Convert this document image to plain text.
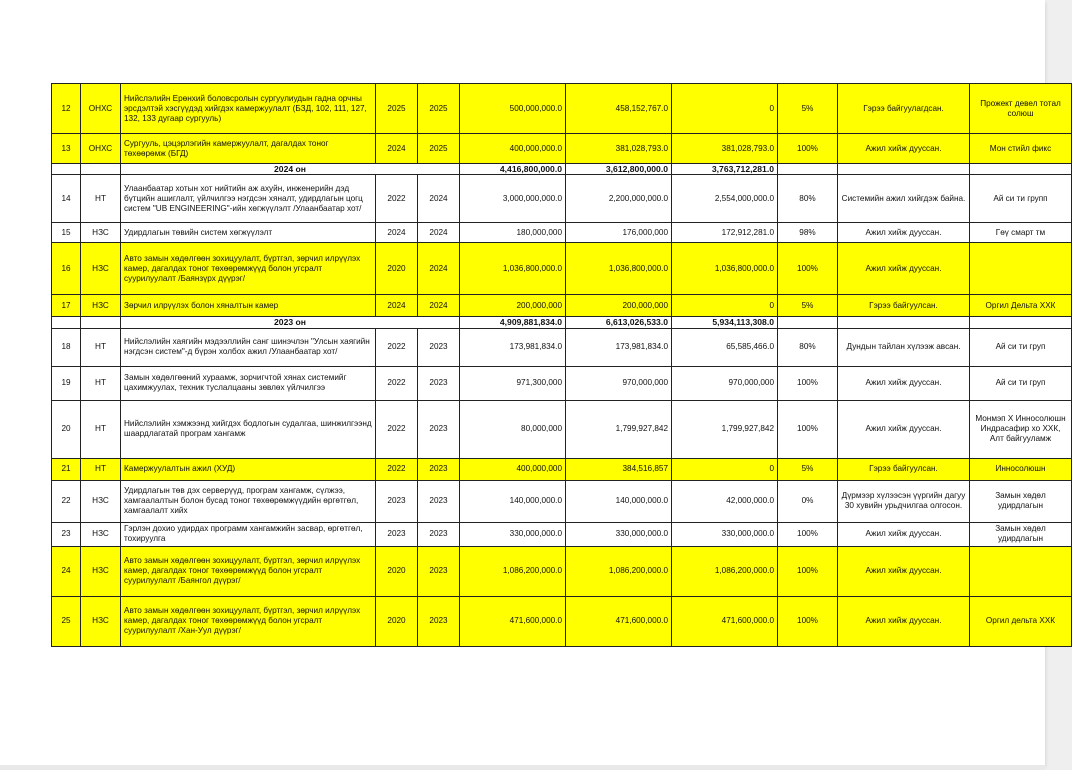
12	ОНХС	Нийслэлийн Ерөнхий боловсролын сургуулиудын гадна орчны эрсдэлтэй хэсгүүдэд хийгдэх камержуулалт (БЗД, 102, 111, 127, 132, 133 дугаар сургууль)	2025	2025	500,000,000.0	458,152,767.0	0	5%	Гэрээ байгуулагдсан.	Прожект девел тотал солюш
13	ОНХС	Сургууль, цэцэрлэгийн камержуулалт, дагалдах тоног төхөөрөмж (БГД)	2024	2025	400,000,000.0	381,028,793.0	381,028,793.0	100%	Ажил хийж дууссан.	Мон стийл фикс
		2024 он			4,416,800,000.0	3,612,800,000.0	3,763,712,281.0			
14	НТ	Улаанбаатар хотын хот нийтийн аж ахуйн, инженерийн дэд бүтцийн ашиглалт, үйлчилгээ нэгдсэн хяналт, удирдлагын цогц систем "UB ENGINEERING"-ийн хөгжүүлэлт /Улаанбаатар хот/	2022	2024	3,000,000,000.0	2,200,000,000.0	2,554,000,000.0	80%	Системийн ажил хийгдэж байна.	Ай си ти групп
15	НЗС	Удирдлагын төвийн систем хөгжүүлэлт	2024	2024	180,000,000	176,000,000	172,912,281.0	98%	Ажил хийж дууссан.	Гөү смарт тм
16	НЗС	Авто замын хөдөлгөөн зохицуулалт, бүртгэл, зөрчил илрүүлэх камер, дагалдах тоног төхөөрөмжүүд болон угсралт суурилуулалт /Баянзүрх дүүрэг/	2020	2024	1,036,800,000.0	1,036,800,000.0	1,036,800,000.0	100%	Ажил хийж дууссан.	
17	НЗС	Зөрчил илрүүлэх болон хяналтын камер	2024	2024	200,000,000	200,000,000	0	5%	Гэрээ байгуулсан.	Оргил Дельта ХХК
		2023 он			4,909,881,834.0	6,613,026,533.0	5,934,113,308.0			
18	НТ	Нийслэлийн хаягийн мэдээллийн санг шинэчлэн "Улсын хаягийн нэгдсэн систем"-д бүрэн холбох ажил /Улаанбаатар хот/	2022	2023	173,981,834.0	173,981,834.0	65,585,466.0	80%	Дундын тайлан хүлээж авсан.	Ай си ти груп
19	НТ	Замын хөдөлгөөний хураамж, зорчигчтой хянах системийг цахимжуулах, техник туслалцааны зөвлөх үйлчилгээ	2022	2023	971,300,000	970,000,000	970,000,000	100%	Ажил хийж дууссан.	Ай си ти груп
20	НТ	Нийслэлийн хэмжээнд хийгдэх бодлогын судалгаа, шинжилгээнд шаардлагатай програм хангамж	2022	2023	80,000,000	1,799,927,842	1,799,927,842	100%	Ажил хийж дууссан.	Монмэп Х Инносолюшн Индрасафир хо ХХК, Алт байгууламж
21	НТ	Камержуулалтын ажил (ХУД)	2022	2023	400,000,000	384,516,857	0	5%	Гэрээ байгуулсан.	Инносолюшн
22	НЗС	Удирдлагын төв дэх серверүүд, програм хангамж, сүлжээ, хамгаалалтын болон бусад тоног төхөөрөмжүүдийн өргөтгөл, хамгаалалт хийх	2023	2023	140,000,000.0	140,000,000.0	42,000,000.0	0%	Дүрмээр хүлээсэн үүргийн дагуу 30 хувийн урьдчилгаа олгосон.	Замын хөдөл удирдлагын
23	НЗС	Гэрлэн дохио удирдах программ хангамжийн засвар, өргөтгөл, тохируулга	2023	2023	330,000,000.0	330,000,000.0	330,000,000.0	100%	Ажил хийж дууссан.	Замын хөдөл удирдлагын
24	НЗС	Авто замын хөдөлгөөн зохицуулалт, бүртгэл, зөрчил илрүүлэх камер, дагалдах тоног төхөөрөмжүүд болон угсралт суурилуулалт /Баянгол дүүрэг/	2020	2023	1,086,200,000.0	1,086,200,000.0	1,086,200,000.0	100%	Ажил хийж дууссан.	
25	НЗС	Авто замын хөдөлгөөн зохицуулалт, бүртгэл, зөрчил илрүүлэх камер, дагалдах тоног төхөөрөмжүүд болон угсралт суурилуулалт /Хан-Уул дүүрэг/	2020	2023	471,600,000.0	471,600,000.0	471,600,000.0	100%	Ажил хийж дууссан.	Оргил дельта ХХК
